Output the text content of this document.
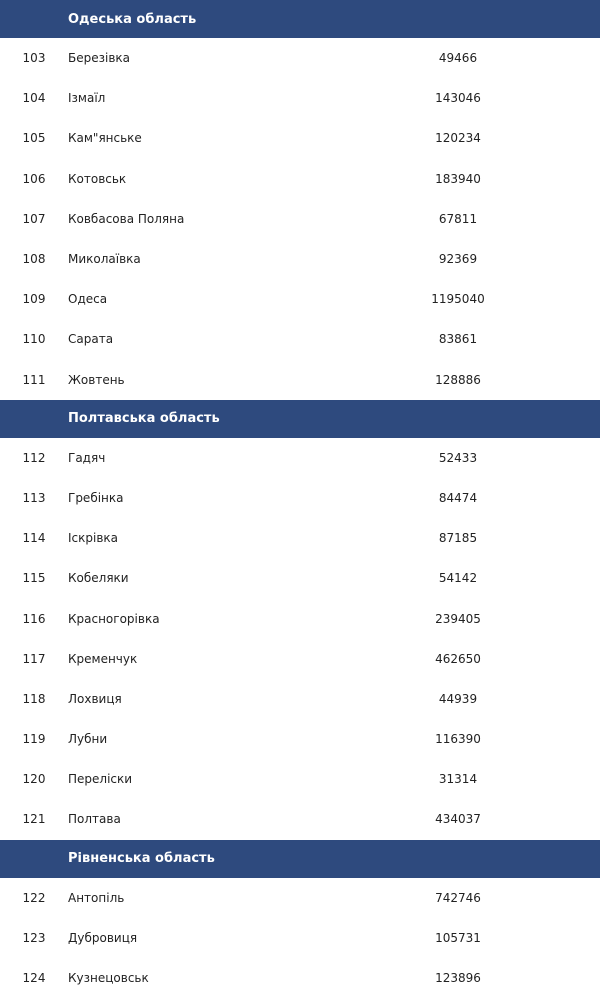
Одеська область
103	Березівка	49466
104	Ізмаїл	143046
105	Кам"янське	120234
106	Котовськ	183940
107	Ковбасова Поляна	67811
108	Миколаївка	92369
109	Одеса	1195040
110	Сарата	83861
111	Жовтень	128886
Полтавська область
112	Гадяч	52433
113	Гребінка	84474
114	Іскрівка	87185
115	Кобеляки	54142
116	Красногорівка	239405
117	Кременчук	462650
118	Лохвиця	44939
119	Лубни	116390
120	Переліски	31314
121	Полтава	434037
Рівненська область
122	Антопіль	742746
123	Дубровиця	105731
124	Кузнецовськ	123896
